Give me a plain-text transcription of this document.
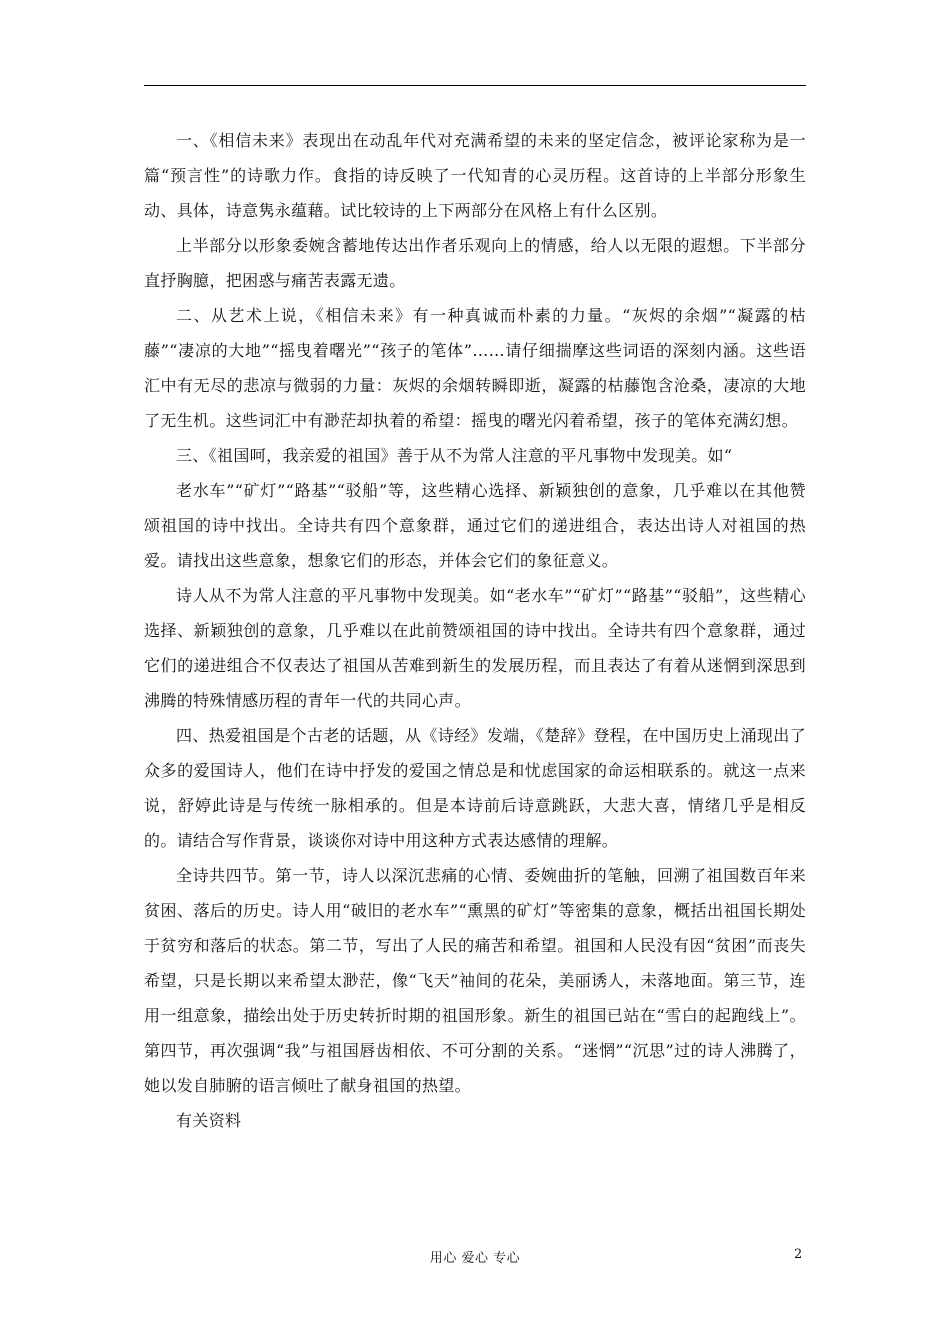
一、《相信未来》表现出在动乱年代对充满希望的未来的坚定信念，被评论家称为是一篇“预言性”的诗歌力作。食指的诗反映了一代知青的心灵历程。这首诗的上半部分形象生动、具体，诗意隽永蕴藉。试比较诗的上下两部分在风格上有什么区别。

上半部分以形象委婉含蓄地传达出作者乐观向上的情感，给人以无限的遐想。下半部分直抒胸臆，把困惑与痛苦表露无遗。

二、从艺术上说，《相信未来》有一种真诚而朴素的力量。“灰烬的余烟”“凝露的枯藤”“凄凉的大地”“摇曳着曙光”“孩子的笔体”……请仔细揣摩这些词语的深刻内涵。这些语汇中有无尽的悲凉与微弱的力量：灰烬的余烟转瞬即逝，凝露的枯藤饱含沧桑，凄凉的大地了无生机。这些词汇中有渺茫却执着的希望：摇曳的曙光闪着希望，孩子的笔体充满幻想。

三、《祖国呵，我亲爱的祖国》善于从不为常人注意的平凡事物中发现美。如“

老水车”“矿灯”“路基”“驳船”等，这些精心选择、新颖独创的意象，几乎难以在其他赞颂祖国的诗中找出。全诗共有四个意象群，通过它们的递进组合，表达出诗人对祖国的热爱。请找出这些意象，想象它们的形态，并体会它们的象征意义。

诗人从不为常人注意的平凡事物中发现美。如“老水车”“矿灯”“路基”“驳船”，这些精心选择、新颖独创的意象，几乎难以在此前赞颂祖国的诗中找出。全诗共有四个意象群，通过它们的递进组合不仅表达了祖国从苦难到新生的发展历程，而且表达了有着从迷惘到深思到沸腾的特殊情感历程的青年一代的共同心声。

四、热爱祖国是个古老的话题，从《诗经》发端，《楚辞》登程，在中国历史上涌现出了众多的爱国诗人，他们在诗中抒发的爱国之情总是和忧虑国家的命运相联系的。就这一点来说，舒婷此诗是与传统一脉相承的。但是本诗前后诗意跳跃，大悲大喜，情绪几乎是相反的。请结合写作背景，谈谈你对诗中用这种方式表达感情的理解。

全诗共四节。第一节，诗人以深沉悲痛的心情、委婉曲折的笔触，回溯了祖国数百年来贫困、落后的历史。诗人用“破旧的老水车”“熏黑的矿灯”等密集的意象，概括出祖国长期处于贫穷和落后的状态。第二节，写出了人民的痛苦和希望。祖国和人民没有因“贫困”而丧失希望，只是长期以来希望太渺茫，像“飞天”袖间的花朵，美丽诱人，未落地面。第三节，连用一组意象，描绘出处于历史转折时期的祖国形象。新生的祖国已站在“雪白的起跑线上”。第四节，再次强调“我”与祖国唇齿相依、不可分割的关系。“迷惘”“沉思”过的诗人沸腾了，她以发自肺腑的语言倾吐了献身祖国的热望。

有关资料

用心 爱心 专心	2
